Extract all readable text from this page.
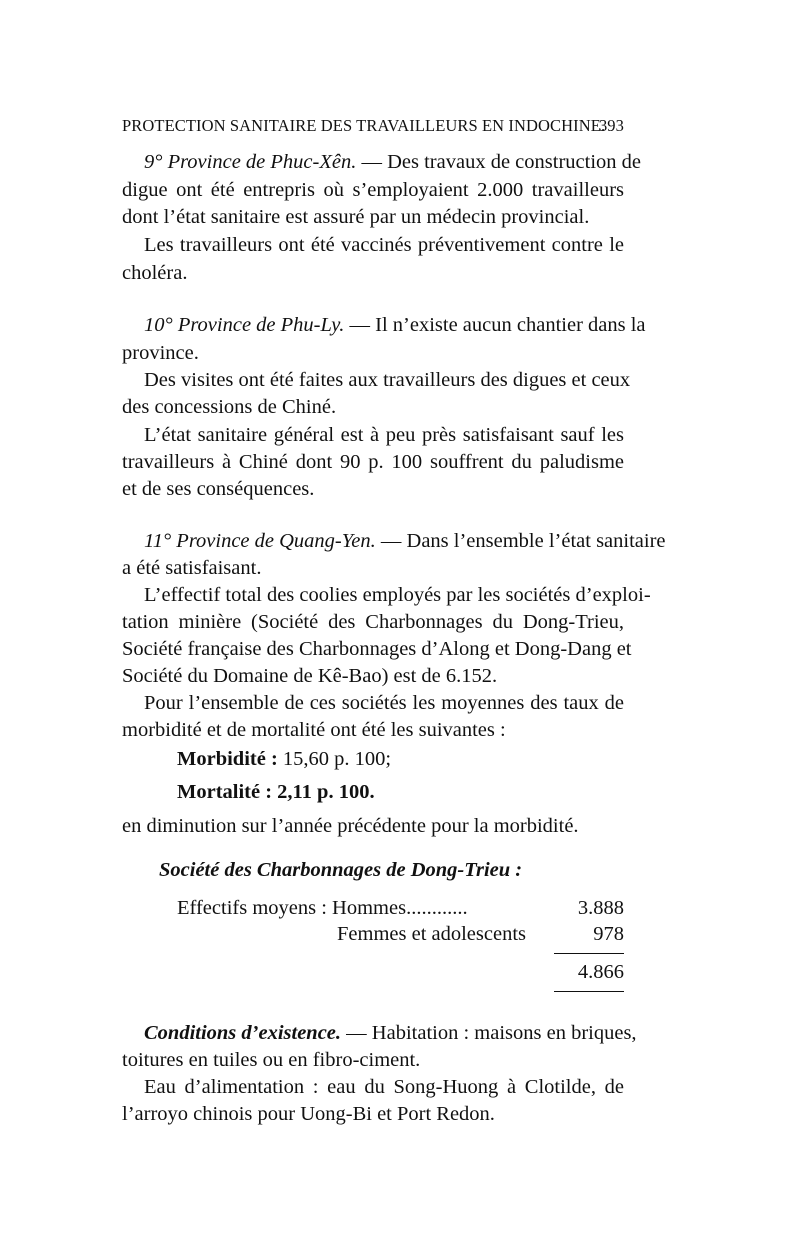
PROTECTION SANITAIRE DES TRAVAILLEURS EN INDOCHINE.
393
9° Province de Phuc-Xên. — Des travaux de construction de
digue ont été entrepris où s’employaient 2.000 travailleurs
dont l’état sanitaire est assuré par un médecin provincial.
Les travailleurs ont été vaccinés préventivement contre le
choléra.
10° Province de Phu-Ly. — Il n’existe aucun chantier dans la
province.
Des visites ont été faites aux travailleurs des digues et ceux
des concessions de Chiné.
L’état sanitaire général est à peu près satisfaisant sauf les
travailleurs à Chiné dont 90 p. 100 souffrent du paludisme
et de ses conséquences.
11° Province de Quang-Yen. — Dans l’ensemble l’état sanitaire
a été satisfaisant.
L’effectif total des coolies employés par les sociétés d’exploi-
tation minière (Société des Charbonnages du Dong-Trieu,
Société française des Charbonnages d’Along et Dong-Dang et
Société du Domaine de Kê-Bao) est de 6.152.
Pour l’ensemble de ces sociétés les moyennes des taux de
morbidité et de mortalité ont été les suivantes :
Morbidité : 15,60 p. 100;
Mortalité : 2,11 p. 100.
en diminution sur l’année précédente pour la morbidité.
Société des Charbonnages de Dong-Trieu :
Effectifs moyens : Hommes............	3.888
Femmes et adolescents	978
4.866
Conditions d’existence. — Habitation : maisons en briques,
toitures en tuiles ou en fibro-ciment.
Eau d’alimentation : eau du Song-Huong à Clotilde, de
l’arroyo chinois pour Uong-Bi et Port Redon.
